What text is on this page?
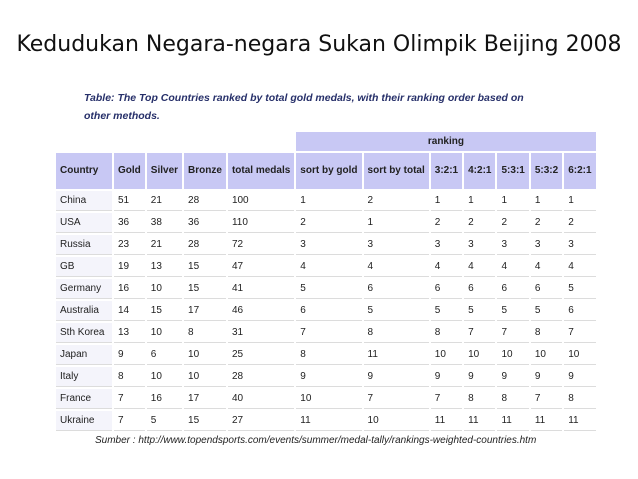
Kedudukan Negara-negara Sukan Olimpik Beijing 2008
Table: The Top Countries ranked by total gold medals, with their ranking order based on other methods.
					ranking						
Country	Gold	Silver	Bronze	total medals	sort by gold	sort by total	3:2:1	4:2:1	5:3:1	5:3:2	6:2:1
China	51	21	28	100	1	2	1	1	1	1	1
USA	36	38	36	110	2	1	2	2	2	2	2
Russia	23	21	28	72	3	3	3	3	3	3	3
GB	19	13	15	47	4	4	4	4	4	4	4
Germany	16	10	15	41	5	6	6	6	6	6	5
Australia	14	15	17	46	6	5	5	5	5	5	6
Sth Korea	13	10	8	31	7	8	8	7	7	8	7
Japan	9	6	10	25	8	11	10	10	10	10	10
Italy	8	10	10	28	9	9	9	9	9	9	9
France	7	16	17	40	10	7	7	8	8	7	8
Ukraine	7	5	15	27	11	10	11	11	11	11	11
Sumber : http://www.topendsports.com/events/summer/medal-tally/rankings-weighted-countries.htm
